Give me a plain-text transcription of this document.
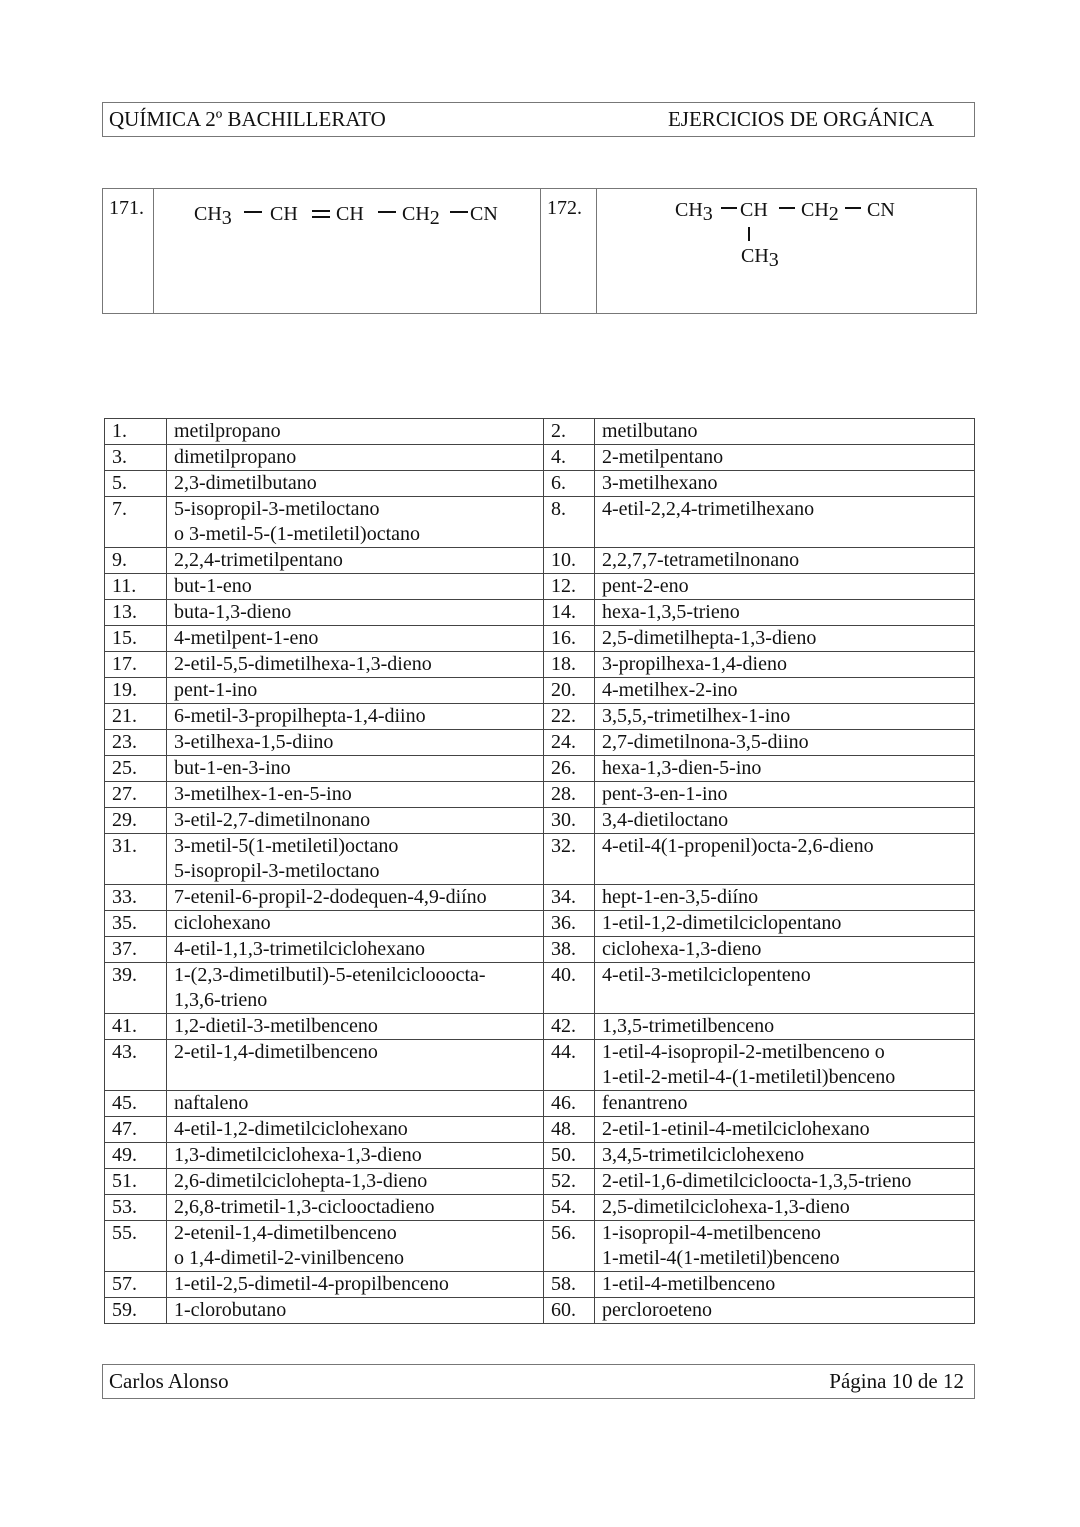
QUÍMICA 2º BACHILLERATO	EJERCICIOS DE ORGÁNICA
171.	$CH_3$ CH CH $CH_2$ CN	172.	$CH_3$ CH $CH_2$ CN
$CH_3$
1.	metilpropano	2.	metilbutano

3.	dimetilpropano	4.	2-metilpentano

5.	2,3-dimetilbutano	6.	3-metilhexano

7.	5-isopropil-3-metiloctano
o 3-metil-5-(1-metiletil)octano	8.	4-etil-2,2,4-trimetilhexano

9.	2,2,4-trimetilpentano	10.	2,2,7,7-tetrametilnonano

11.	but-1-eno	12.	pent-2-eno

13.	buta-1,3-dieno	14.	hexa-1,3,5-trieno

15.	4-metilpent-1-eno	16.	2,5-dimetilhepta-1,3-dieno

17.	2-etil-5,5-dimetilhexa-1,3-dieno	18.	3-propilhexa-1,4-dieno

19.	pent-1-ino	20.	4-metilhex-2-ino

21.	6-metil-3-propilhepta-1,4-diino	22.	3,5,5,-trimetilhex-1-ino

23.	3-etilhexa-1,5-diino	24.	2,7-dimetilnona-3,5-diino

25.	but-1-en-3-ino	26.	hexa-1,3-dien-5-ino

27.	3-metilhex-1-en-5-ino	28.	pent-3-en-1-ino

29.	3-etil-2,7-dimetilnonano	30.	3,4-dietiloctano

31.	3-metil-5(1-metiletil)octano
5-isopropil-3-metiloctano	32.	4-etil-4(1-propenil)octa-2,6-dieno

33.	7-etenil-6-propil-2-dodequen-4,9-diíno	34.	hept-1-en-3,5-diíno

35.	ciclohexano	36.	1-etil-1,2-dimetilciclopentano

37.	4-etil-1,1,3-trimetilciclohexano	38.	ciclohexa-1,3-dieno

39.	1-(2,3-dimetilbutil)-5-etenilciclooocta-
1,3,6-trieno	40.	4-etil-3-metilciclopenteno

41.	1,2-dietil-3-metilbenceno	42.	1,3,5-trimetilbenceno

43.	2-etil-1,4-dimetilbenceno	44.	1-etil-4-isopropil-2-metilbenceno o
1-etil-2-metil-4-(1-metiletil)benceno

45.	naftaleno	46.	fenantreno

47.	4-etil-1,2-dimetilciclohexano	48.	2-etil-1-etinil-4-metilciclohexano

49.	1,3-dimetilciclohexa-1,3-dieno	50.	3,4,5-trimetilciclohexeno

51.	2,6-dimetilciclohepta-1,3-dieno	52.	2-etil-1,6-dimetilcicloocta-1,3,5-trieno

53.	2,6,8-trimetil-1,3-ciclooctadieno	54.	2,5-dimetilciclohexa-1,3-dieno

55.	2-etenil-1,4-dimetilbenceno
o 1,4-dimetil-2-vinilbenceno
	56.	1-isopropil-4-metilbenceno
1-metil-4(1-metiletil)benceno

57.	1-etil-2,5-dimetil-4-propilbenceno	58.	1-etil-4-metilbenceno

59.	1-clorobutano	60.	percloroeteno
Carlos Alonso	Página 10 de 12
